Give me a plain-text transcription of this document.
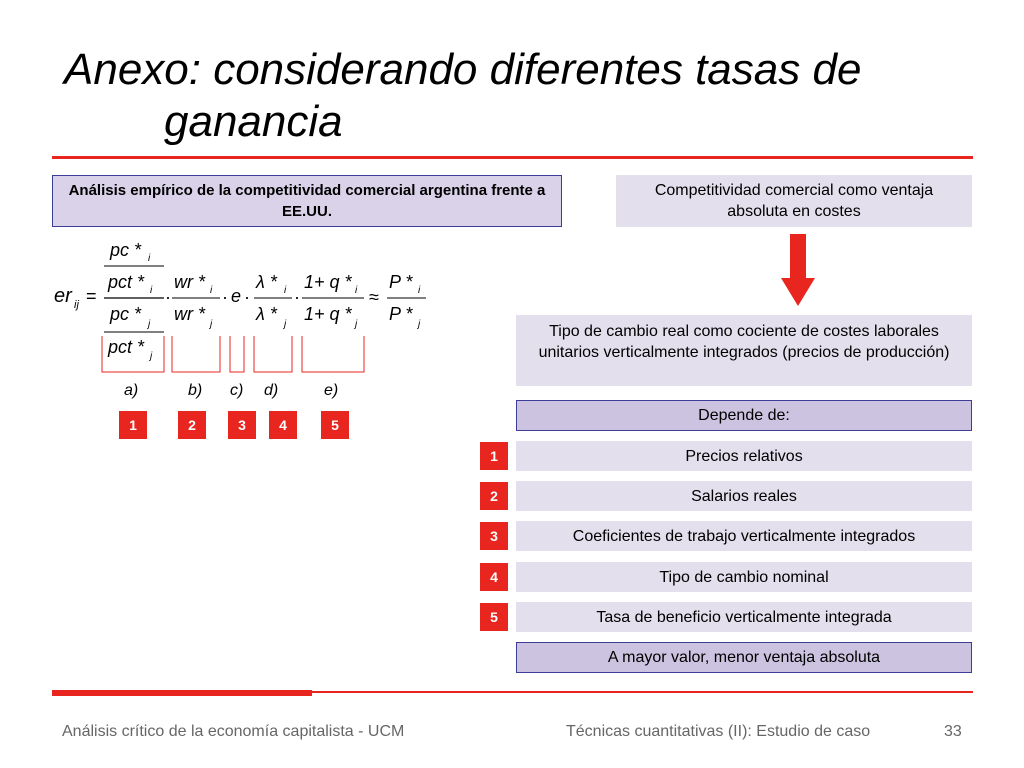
Anexo: considerando diferentes tasas de
ganancia
Análisis empírico de la competitividad comercial argentina frente a EE.UU.
er ij =
pc * i
pct * i
pc *
j
pct * j
·
wr * i
wr *
j
· e ·
λ * i
λ *
j
·
1+ q * i
1+ q *
j
≈
P * i
P *
j
a)	b) c) d)	e)
1	2	3	4	5
Competitividad comercial como ventaja absoluta en costes
Tipo de cambio real como cociente de costes laborales unitarios verticalmente integrados (precios de producción)
Depende de:
1	Precios relativos
2	Salarios reales
3	Coeficientes de trabajo verticalmente integrados
4	Tipo de cambio nominal
5	Tasa de beneficio verticalmente integrada
A mayor valor, menor ventaja absoluta
Análisis crítico de la economía capitalista - UCM	Técnicas cuantitativas (II): Estudio de caso	33
